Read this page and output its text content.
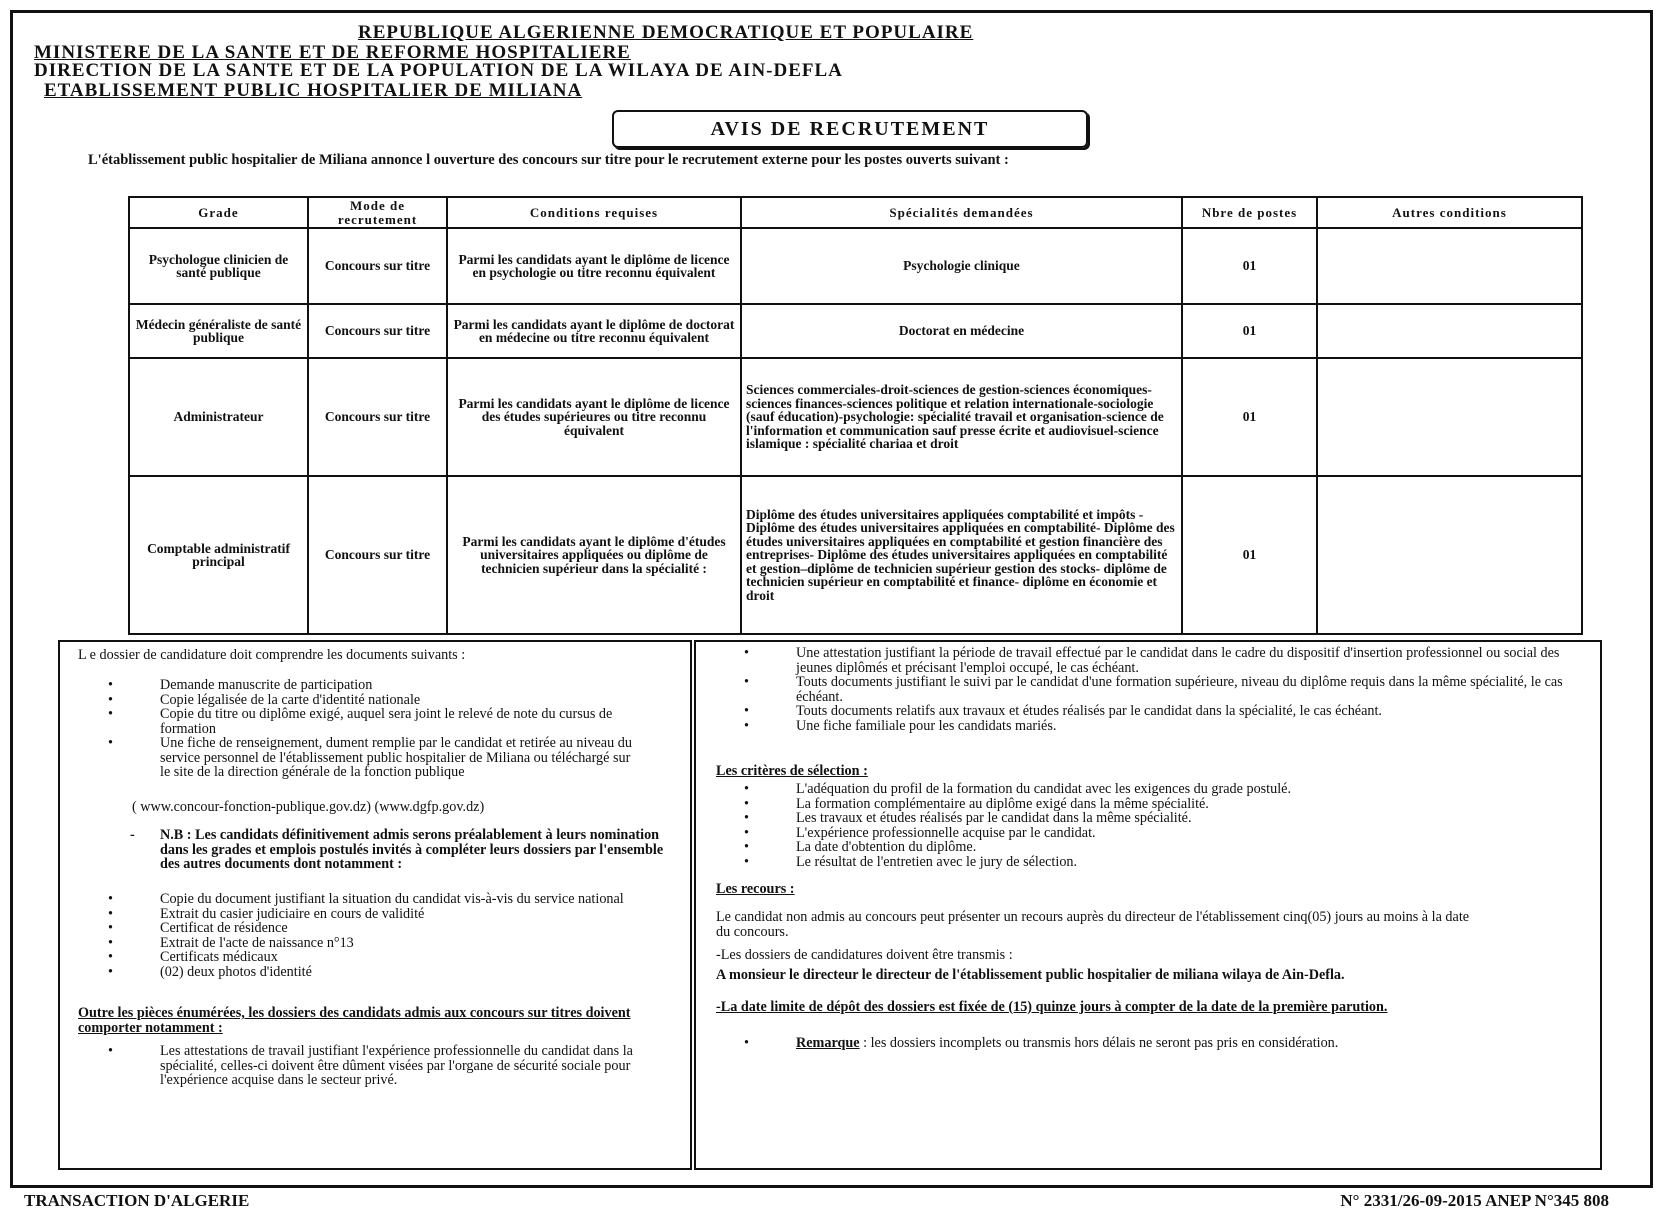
REPUBLIQUE ALGERIENNE DEMOCRATIQUE ET POPULAIRE
MINISTERE DE LA SANTE ET DE REFORME HOSPITALIERE
DIRECTION DE LA SANTE ET DE LA POPULATION DE LA WILAYA DE AIN-DEFLA
ETABLISSEMENT PUBLIC HOSPITALIER DE MILIANA
AVIS DE RECRUTEMENT
L'établissement public hospitalier de Miliana annonce l ouverture des concours sur titre pour le recrutement externe pour les postes ouverts suivant :
Grade	Mode de recrutement	Conditions requises	Spécialités demandées	Nbre de postes	Autres conditions
Psychologue clinicien de santé publique	Concours sur titre	Parmi les candidats ayant le diplôme de licence en psychologie ou titre reconnu équivalent	Psychologie clinique	01	
Médecin généraliste de santé publique	Concours sur titre	Parmi les candidats ayant le diplôme de doctorat en médecine ou titre reconnu équivalent	Doctorat en médecine	01	
Administrateur	Concours sur titre	Parmi les candidats ayant le diplôme de licence des études supérieures ou titre reconnu équivalent	Sciences commerciales-droit-sciences de gestion-sciences économiques-sciences finances-sciences politique et relation internationale-sociologie (sauf éducation)-psychologie: spécialité travail et organisation-science de l'information et communication sauf presse écrite et audiovisuel-science islamique : spécialité chariaa et droit	01	
Comptable administratif principal	Concours sur titre	Parmi les candidats ayant le diplôme d'études universitaires appliquées ou diplôme de technicien supérieur dans la spécialité :	Diplôme des études universitaires appliquées comptabilité et impôts - Diplôme des études universitaires appliquées en comptabilité- Diplôme des études universitaires appliquées en comptabilité et gestion financière des entreprises- Diplôme des études universitaires appliquées en comptabilité et gestion–diplôme de technicien supérieur gestion des stocks- diplôme de technicien supérieur en comptabilité et finance- diplôme en économie et droit	01	
L e dossier de candidature doit comprendre les documents suivants :
•	Demande manuscrite de participation
•	Copie légalisée de la carte d'identité nationale
•	Copie du titre ou diplôme exigé, auquel sera joint le relevé de note du cursus de formation
•	Une fiche de renseignement, dument remplie par le candidat et retirée au niveau du service personnel de l'établissement public hospitalier de Miliana ou téléchargé sur le site de la direction générale de la fonction publique
( www.concour-fonction-publique.gov.dz) (www.dgfp.gov.dz)
- N.B : Les candidats définitivement admis serons préalablement à leurs nomination dans les grades et emplois postulés invités à compléter leurs dossiers par l'ensemble des autres documents dont notamment :
•	Copie du document justifiant la situation du candidat vis-à-vis du service national
•	Extrait du casier judiciaire en cours de validité
•	Certificat de résidence
•	Extrait de l'acte de naissance n°13
•	Certificats médicaux
•	(02) deux photos d'identité
Outre les pièces énumérées, les dossiers des candidats admis aux concours sur titres doivent comporter notamment :
•	Les attestations de travail justifiant l'expérience professionnelle du candidat dans la spécialité, celles-ci doivent être dûment visées par l'organe de sécurité sociale pour l'expérience acquise dans le secteur privé.
•	Une attestation justifiant la période de travail effectué par le candidat dans le cadre du dispositif d'insertion professionnel ou social des jeunes diplômés et précisant l'emploi occupé, le cas échéant.
•	Touts documents justifiant le suivi par le candidat d'une formation supérieure, niveau du diplôme requis dans la même spécialité, le cas échéant.
•	Touts documents relatifs aux travaux et études réalisés par le candidat dans la spécialité, le cas échéant.
•	Une fiche familiale pour les candidats mariés.
Les critères de sélection :
•	L'adéquation du profil de la formation du candidat avec les exigences du grade postulé.
•	La formation complémentaire au diplôme exigé dans la même spécialité.
•	Les travaux et études réalisés par le candidat dans la même spécialité.
•	L'expérience professionnelle acquise par le candidat.
•	La date d'obtention du diplôme.
•	Le résultat de l'entretien avec le jury de sélection.
Les recours :
Le candidat non admis au concours peut présenter un recours auprès du directeur de l'établissement cinq(05) jours au moins à la date du concours.
-Les dossiers de candidatures doivent être transmis :
A monsieur le directeur le directeur de l'établissement public hospitalier de miliana wilaya de Ain-Defla.
-La date limite de dépôt des dossiers est fixée de (15) quinze jours à compter de la date de la première parution.
•	Remarque : les dossiers incomplets ou transmis hors délais ne seront pas pris en considération.
TRANSACTION D'ALGERIE	N° 2331/26-09-2015 ANEP N°345 808
